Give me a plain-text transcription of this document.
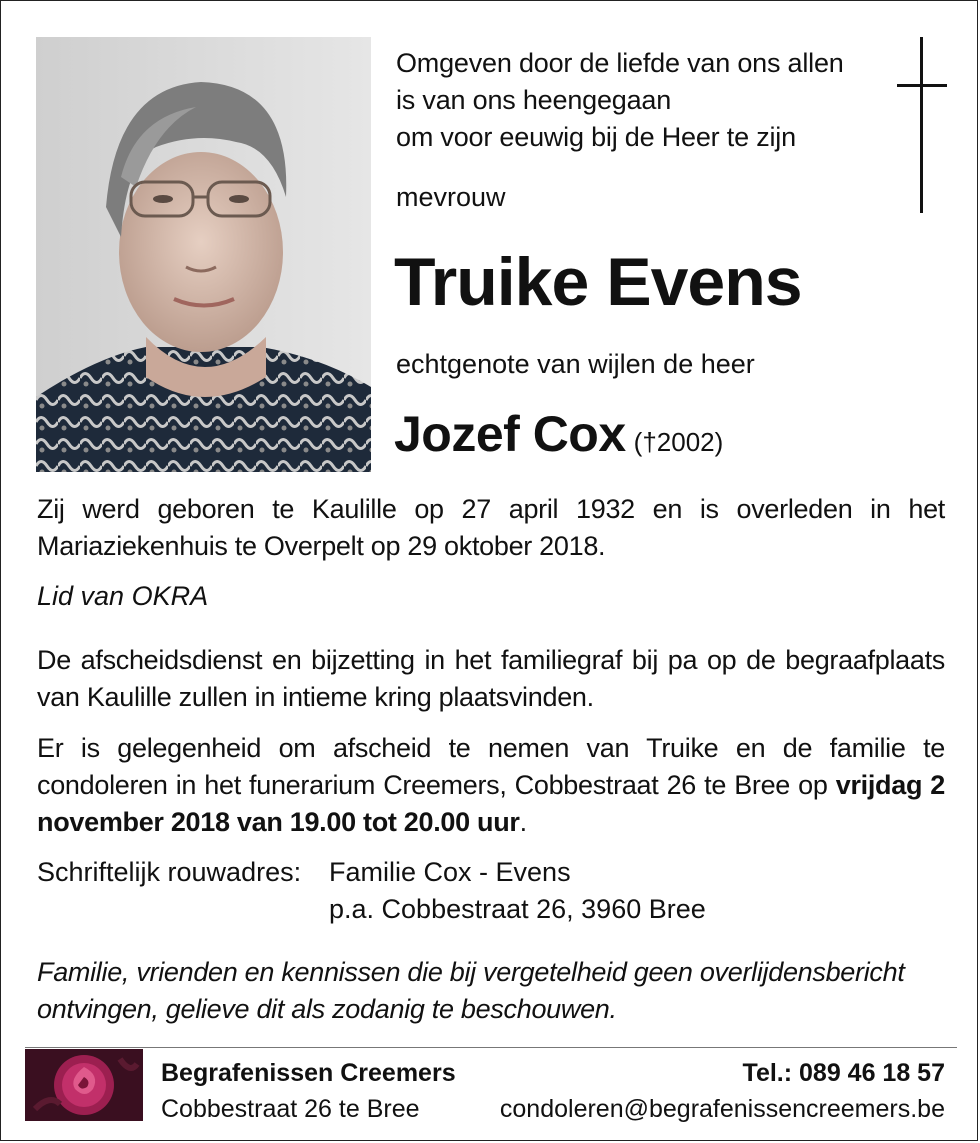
Omgeven door de liefde van ons allen
is van ons heengegaan
om voor eeuwig bij de Heer te zijn
mevrouw
Truike Evens
echtgenote van wijlen de heer
Jozef Cox (†2002)
Zij werd geboren te Kaulille op 27 april 1932 en is overleden in het Mariaziekenhuis te Overpelt op 29 oktober 2018.
Lid van OKRA
De afscheidsdienst en bijzetting in het familiegraf bij pa op de begraafplaats van Kaulille zullen in intieme kring plaatsvinden.
Er is gelegenheid om afscheid te nemen van Truike en de familie te condoleren in het funerarium Creemers, Cobbestraat 26 te Bree op vrijdag 2 november 2018 van 19.00 tot 20.00 uur.
Schriftelijk rouwadres: Familie Cox - Evens
p.a. Cobbestraat 26, 3960 Bree
Familie, vrienden en kennissen die bij vergetelheid geen overlijdensbericht ontvingen, gelieve dit als zodanig te beschouwen.
Begrafenissen Creemers
Cobbestraat 26 te Bree
Tel.: 089 46 18 57
condoleren@begrafenissencreemers.be
